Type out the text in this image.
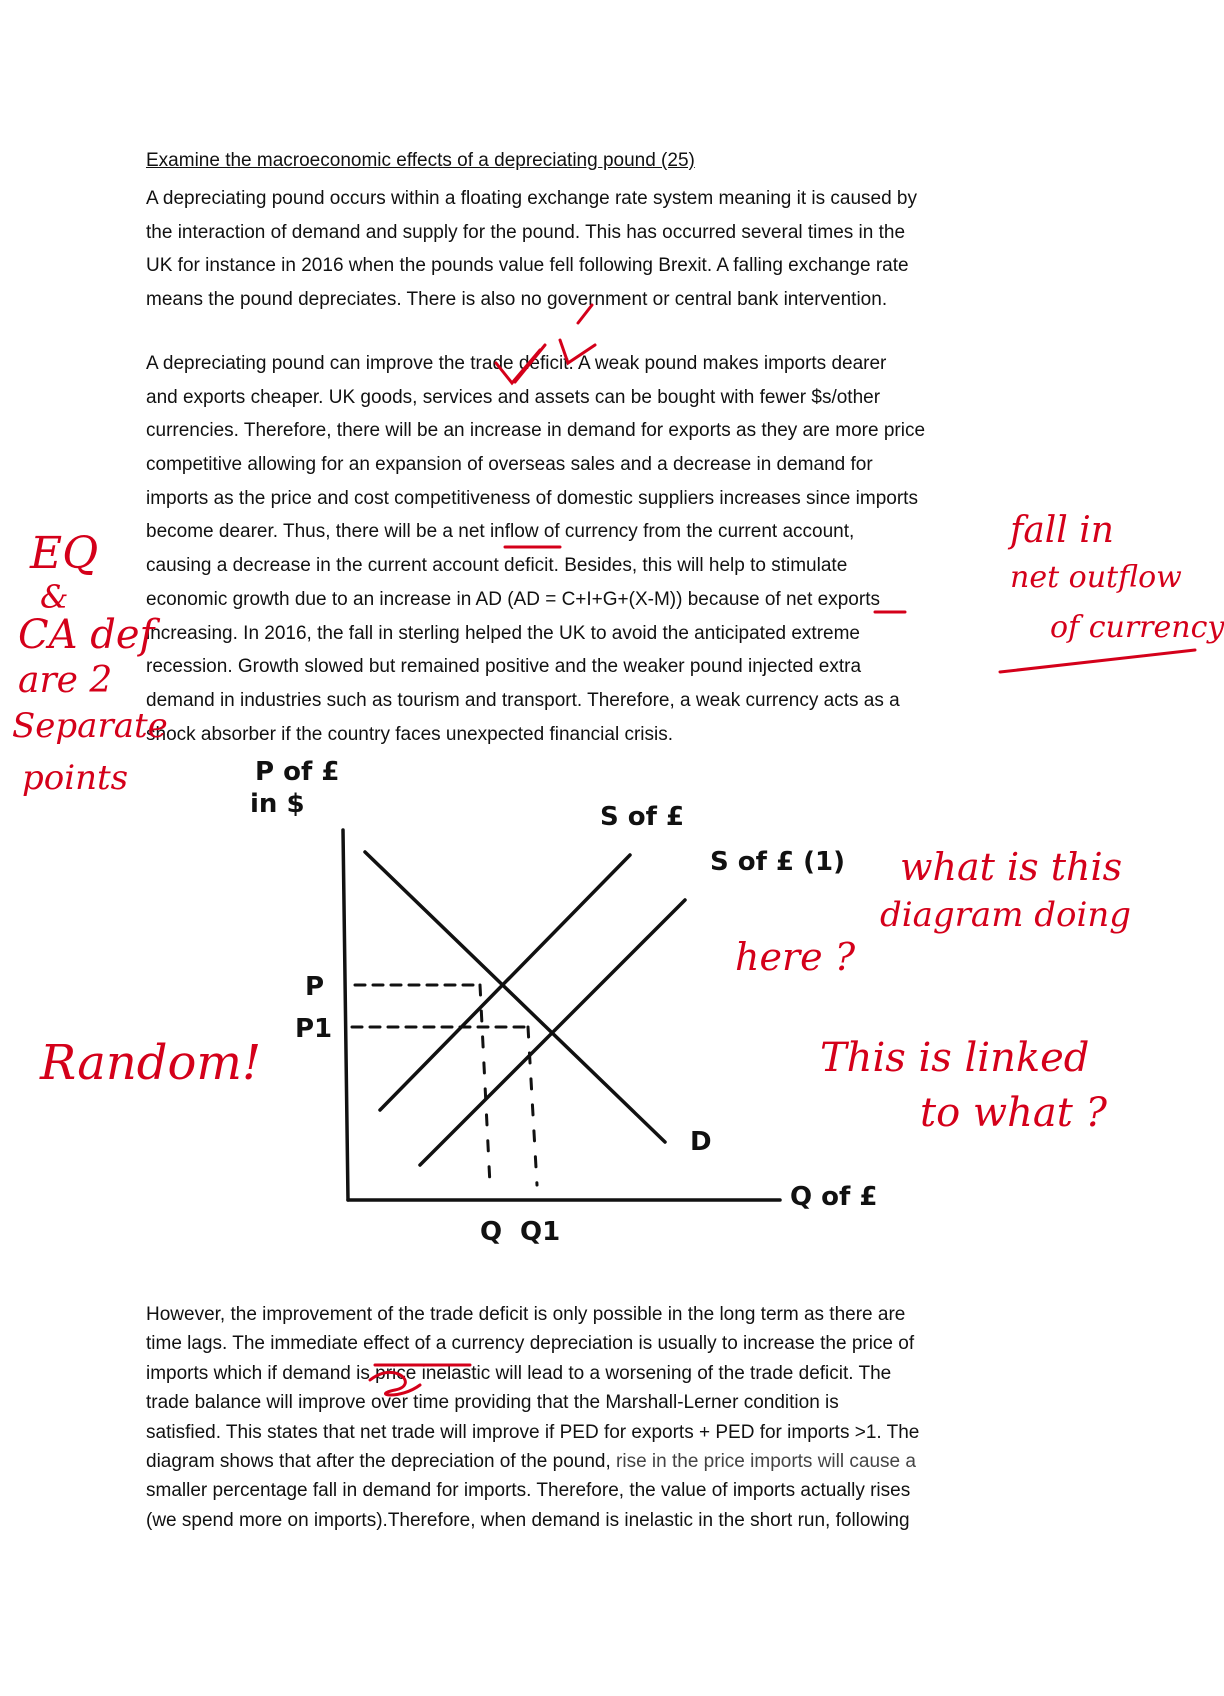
Examine the macroeconomic effects of a depreciating pound (25)
A depreciating pound occurs within a floating exchange rate system meaning it is caused by
the interaction of demand and supply for the pound. This has occurred several times in the
UK for instance in 2016 when the pounds value fell following Brexit. A falling exchange rate
means the pound depreciates. There is also no government or central bank intervention.
A depreciating pound can improve the trade deficit. A weak pound makes imports dearer
and exports cheaper. UK goods, services and assets can be bought with fewer $s/other
currencies. Therefore, there will be an increase in demand for exports as they are more price
competitive allowing for an expansion of overseas sales and a decrease in demand for
imports as the price and cost competitiveness of domestic suppliers increases since imports
become dearer. Thus, there will be a net inflow of currency from the current account,
causing a decrease in the current account deficit. Besides, this will help to stimulate
economic growth due to an increase in AD (AD = C+I+G+(X-M)) because of net exports
increasing. In 2016, the fall in sterling helped the UK to avoid the anticipated extreme
recession. Growth slowed but remained positive and the weaker pound injected extra
demand in industries such as tourism and transport. Therefore, a weak currency acts as a
shock absorber if the country faces unexpected financial crisis.
However, the improvement of the trade deficit is only possible in the long term as there are
time lags. The immediate effect of a currency depreciation is usually to increase the price of
imports which if demand is price inelastic will lead to a worsening of the trade deficit. The
trade balance will improve over time providing that the Marshall-Lerner condition is
satisfied. This states that net trade will improve if PED for exports + PED for imports >1. The
diagram shows that after the depreciation of the pound, rise in the price imports will cause a
smaller percentage fall in demand for imports. Therefore, the value of imports actually rises
(we spend more on imports).Therefore, when demand is inelastic in the short run, following
P of £
in $	S of £
S of £ (1)
D
P
P1
Q of £
Q Q1
EQ
&
CA def
are 2
Separate
points
fall in
net outflow
of currency
Random!
what is this
diagram doing
here ?
This is linked
to what ?
